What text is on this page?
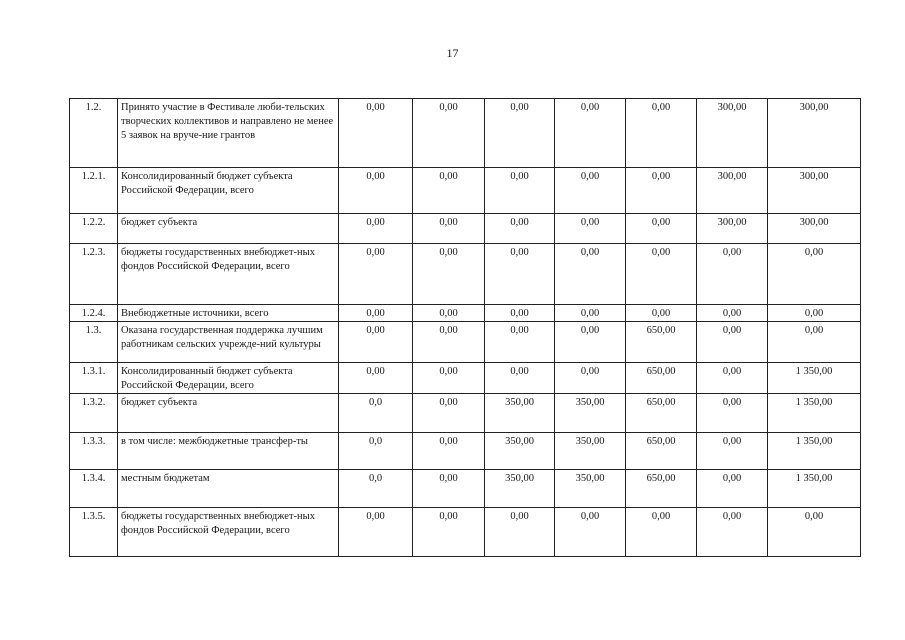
17
1.2.	Принято участие в Фестивале люби-тельских творческих коллективов и направлено не менее 5 заявок на вруче-ние грантов	0,00	0,00	0,00	0,00	0,00	300,00	300,00
1.2.1.	Консолидированный бюджет субъекта Российской Федерации, всего	0,00	0,00	0,00	0,00	0,00	300,00	300,00
1.2.2.	бюджет субъекта	0,00	0,00	0,00	0,00	0,00	300,00	300,00
1.2.3.	бюджеты государственных внебюджет-ных фондов Российской Федерации, всего	0,00	0,00	0,00	0,00	0,00	0,00	0,00
1.2.4.	Внебюджетные источники, всего	0,00	0,00	0,00	0,00	0,00	0,00	0,00
1.3.	Оказана государственная поддержка лучшим работникам сельских учрежде-ний культуры	0,00	0,00	0,00	0,00	650,00	0,00	0,00
1.3.1.	Консолидированный бюджет субъекта Российской Федерации, всего	0,00	0,00	0,00	0,00	650,00	0,00	1 350,00
1.3.2.	бюджет субъекта	0,0	0,00	350,00	350,00	650,00	0,00	1 350,00
1.3.3.	в том числе: межбюджетные трансфер-ты	0,0	0,00	350,00	350,00	650,00	0,00	1 350,00
1.3.4.	местным бюджетам	0,0	0,00	350,00	350,00	650,00	0,00	1 350,00
1.3.5.	бюджеты государственных внебюджет-ных фондов Российской Федерации, всего	0,00	0,00	0,00	0,00	0,00	0,00	0,00
